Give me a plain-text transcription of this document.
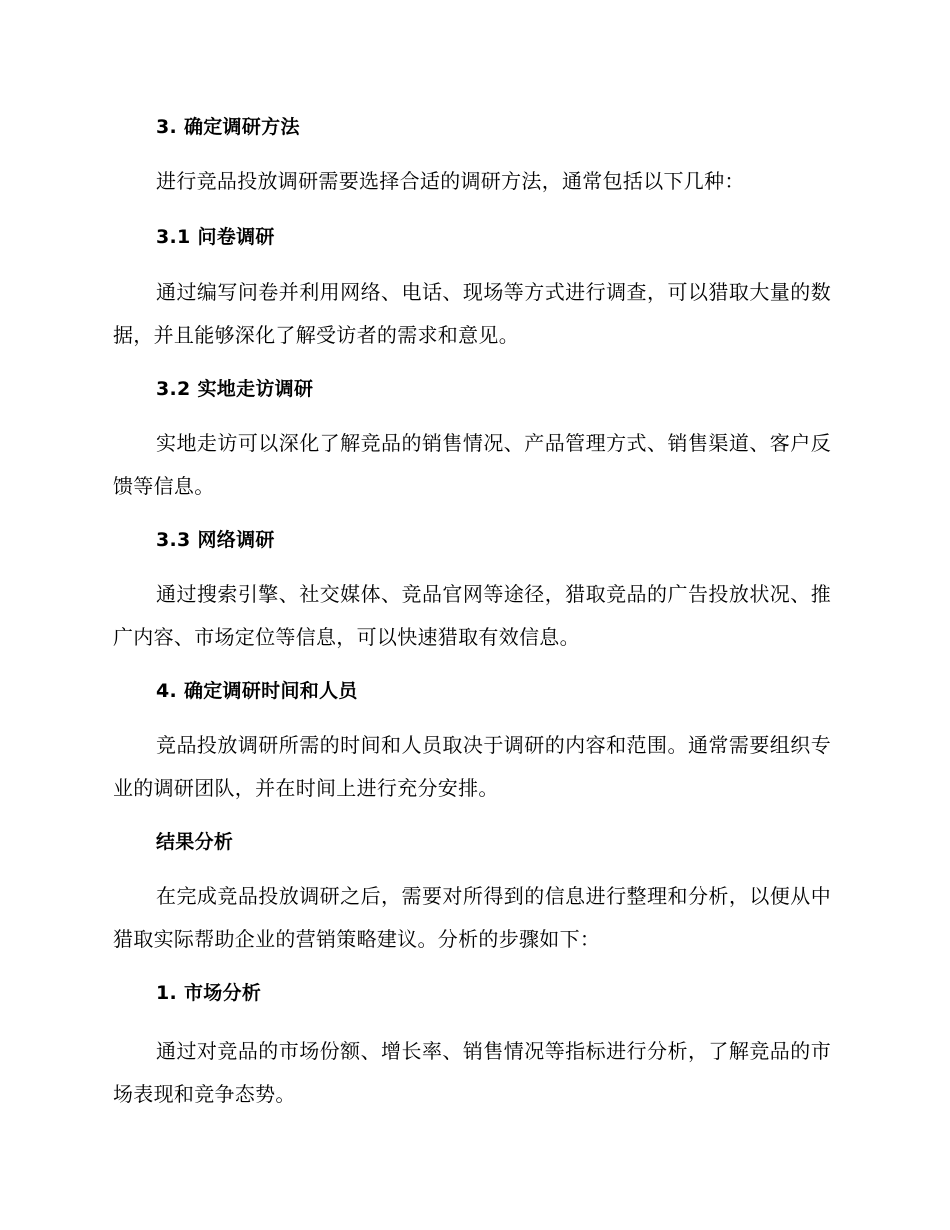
3. 确定调研方法

进行竞品投放调研需要选择合适的调研方法，通常包括以下几种：

3.1 问卷调研

通过编写问卷并利用网络、电话、现场等方式进行调查，可以猎取大量的数据，并且能够深化了解受访者的需求和意见。

3.2 实地走访调研

实地走访可以深化了解竞品的销售情况、产品管理方式、销售渠道、客户反馈等信息。

3.3 网络调研

通过搜索引擎、社交媒体、竞品官网等途径，猎取竞品的广告投放状况、推广内容、市场定位等信息，可以快速猎取有效信息。

4. 确定调研时间和人员

竞品投放调研所需的时间和人员取决于调研的内容和范围。通常需要组织专业的调研团队，并在时间上进行充分安排。

结果分析

在完成竞品投放调研之后，需要对所得到的信息进行整理和分析，以便从中猎取实际帮助企业的营销策略建议。分析的步骤如下：

1. 市场分析

通过对竞品的市场份额、增长率、销售情况等指标进行分析，了解竞品的市场表现和竞争态势。
